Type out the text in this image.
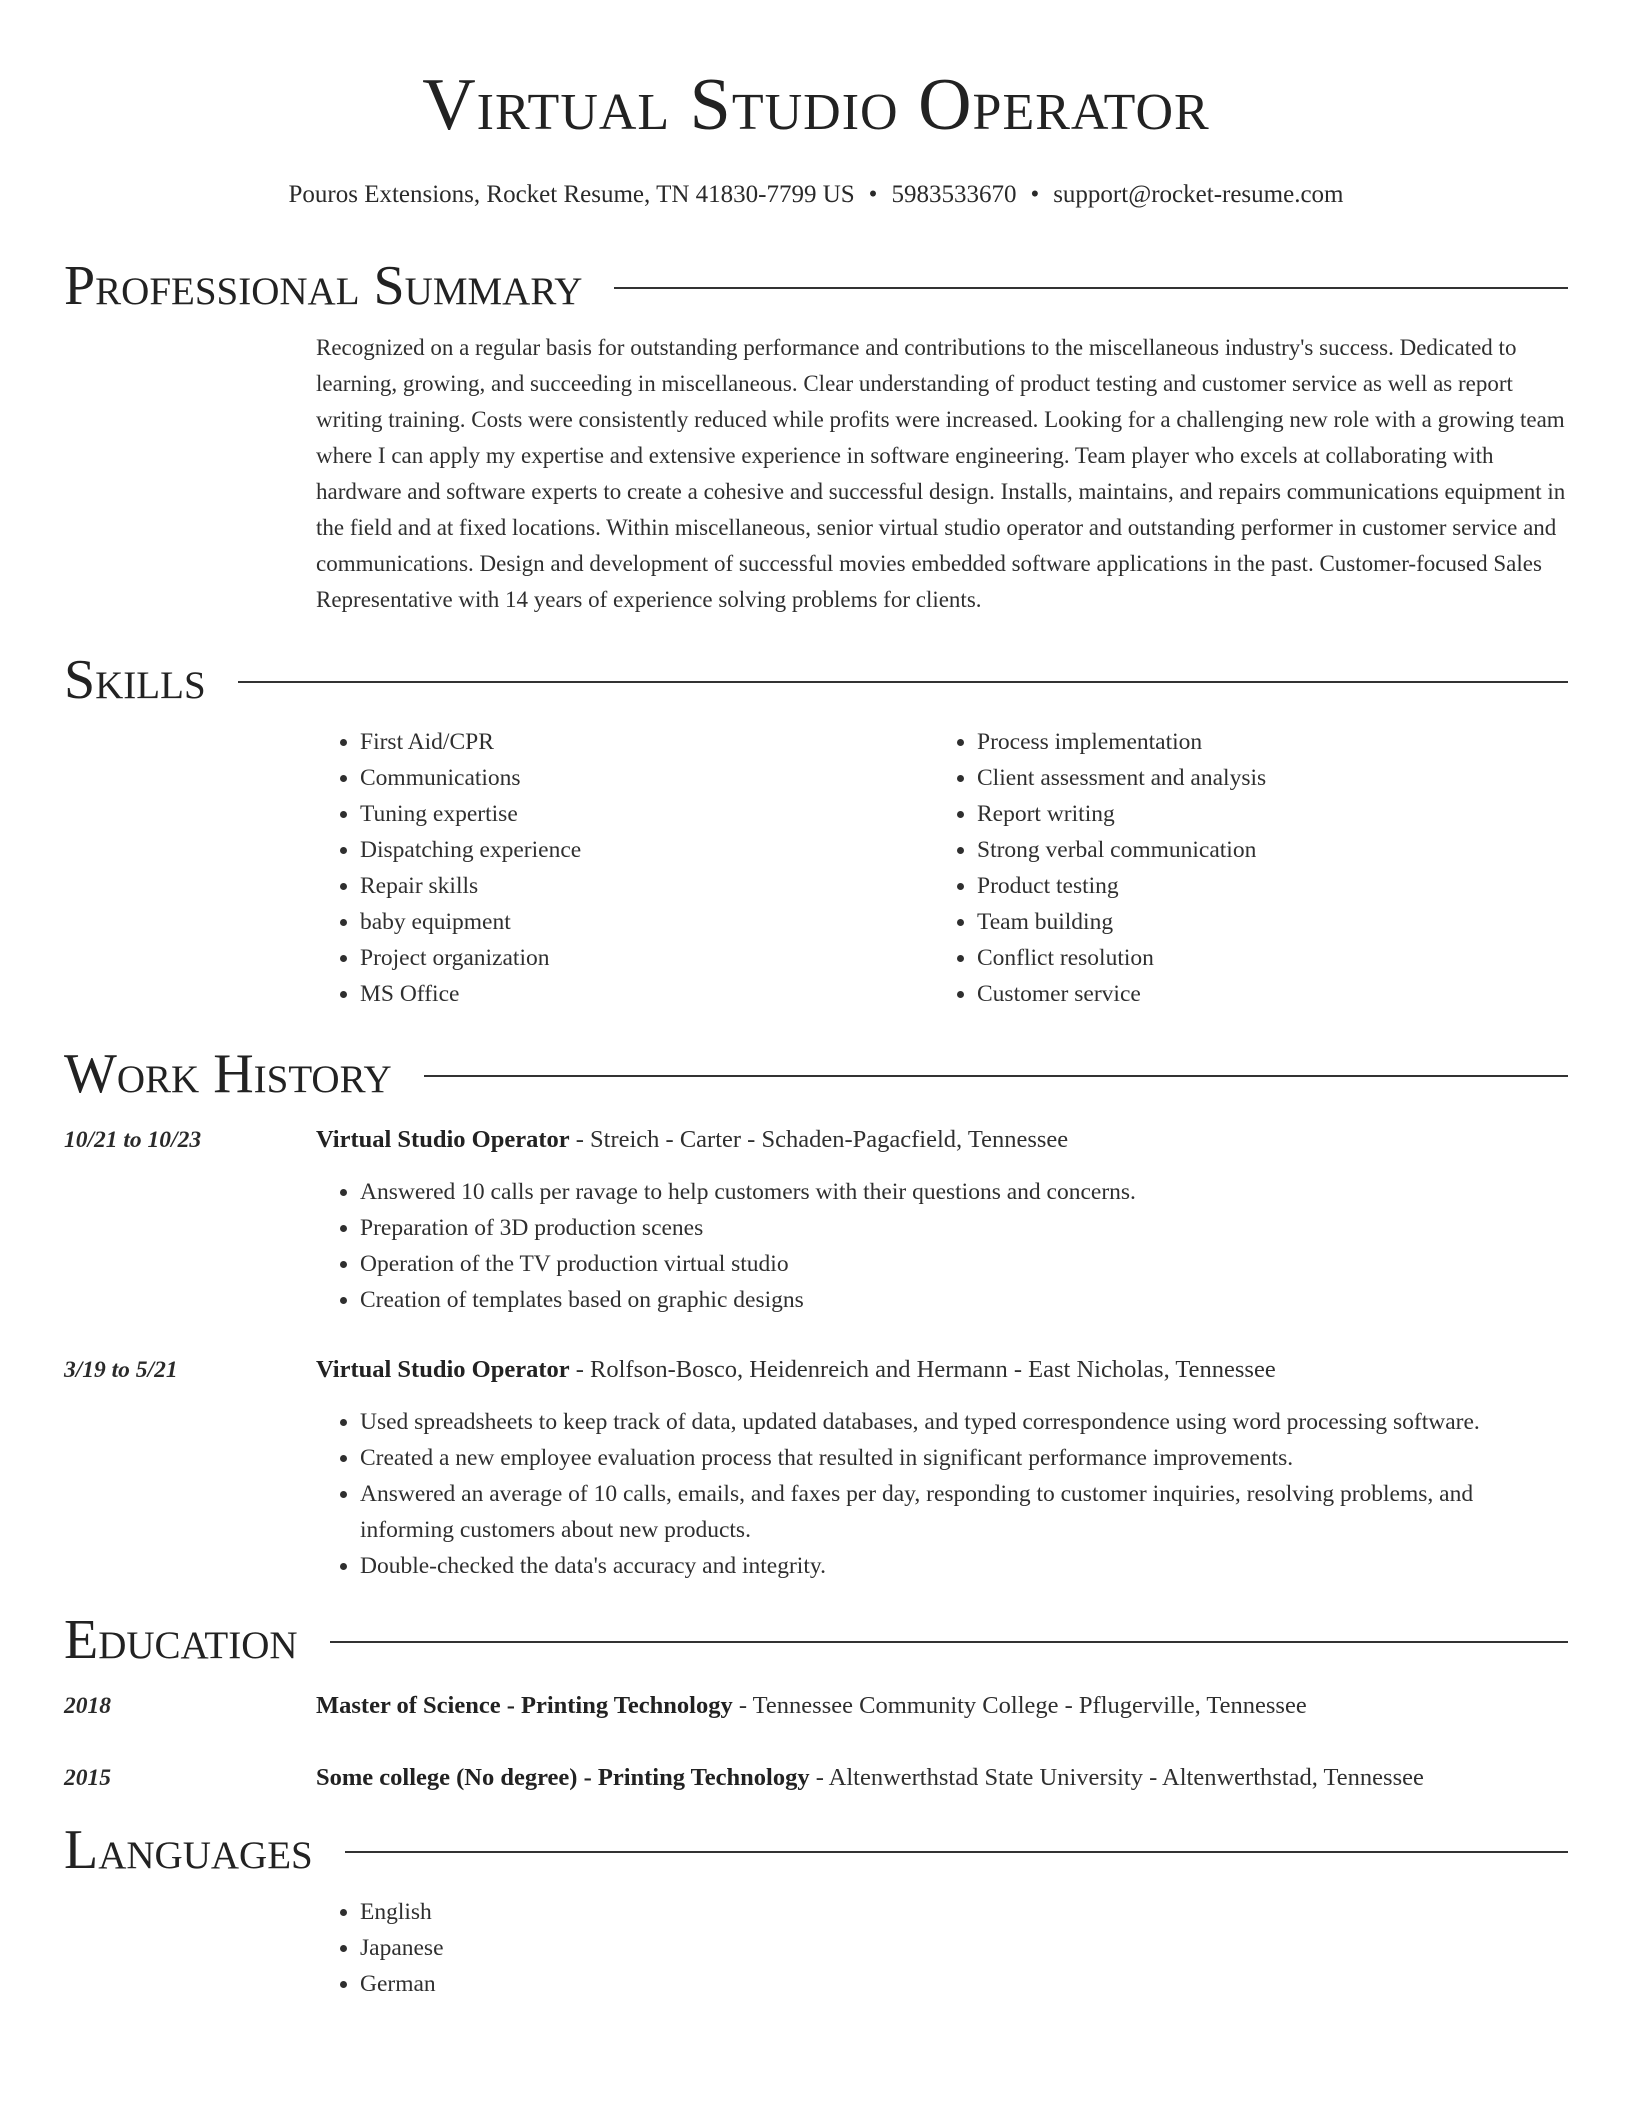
Virtual Studio Operator
Pouros Extensions, Rocket Resume, TN 41830-7799 US • 5983533670 • support@rocket-resume.com
Professional Summary
Recognized on a regular basis for outstanding performance and contributions to the miscellaneous industry's success. Dedicated to learning, growing, and succeeding in miscellaneous. Clear understanding of product testing and customer service as well as report writing training. Costs were consistently reduced while profits were increased. Looking for a challenging new role with a growing team where I can apply my expertise and extensive experience in software engineering. Team player who excels at collaborating with hardware and software experts to create a cohesive and successful design. Installs, maintains, and repairs communications equipment in the field and at fixed locations. Within miscellaneous, senior virtual studio operator and outstanding performer in customer service and communications. Design and development of successful movies embedded software applications in the past. Customer-focused Sales Representative with 14 years of experience solving problems for clients.
Skills
• First Aid/CPR
• Communications
• Tuning expertise
• Dispatching experience
• Repair skills
• baby equipment
• Project organization
• MS Office
• Process implementation
• Client assessment and analysis
• Report writing
• Strong verbal communication
• Product testing
• Team building
• Conflict resolution
• Customer service
Work History
10/21 to 10/23	Virtual Studio Operator - Streich - Carter - Schaden-Pagacfield, Tennessee
• Answered 10 calls per ravage to help customers with their questions and concerns.
• Preparation of 3D production scenes
• Operation of the TV production virtual studio
• Creation of templates based on graphic designs
3/19 to 5/21	Virtual Studio Operator - Rolfson-Bosco, Heidenreich and Hermann - East Nicholas, Tennessee
• Used spreadsheets to keep track of data, updated databases, and typed correspondence using word processing software.
• Created a new employee evaluation process that resulted in significant performance improvements.
• Answered an average of 10 calls, emails, and faxes per day, responding to customer inquiries, resolving problems, and informing customers about new products.
• Double-checked the data's accuracy and integrity.
Education
2018	Master of Science - Printing Technology - Tennessee Community College - Pflugerville, Tennessee
2015	Some college (No degree) - Printing Technology - Altenwerthstad State University - Altenwerthstad, Tennessee
Languages
• English
• Japanese
• German
